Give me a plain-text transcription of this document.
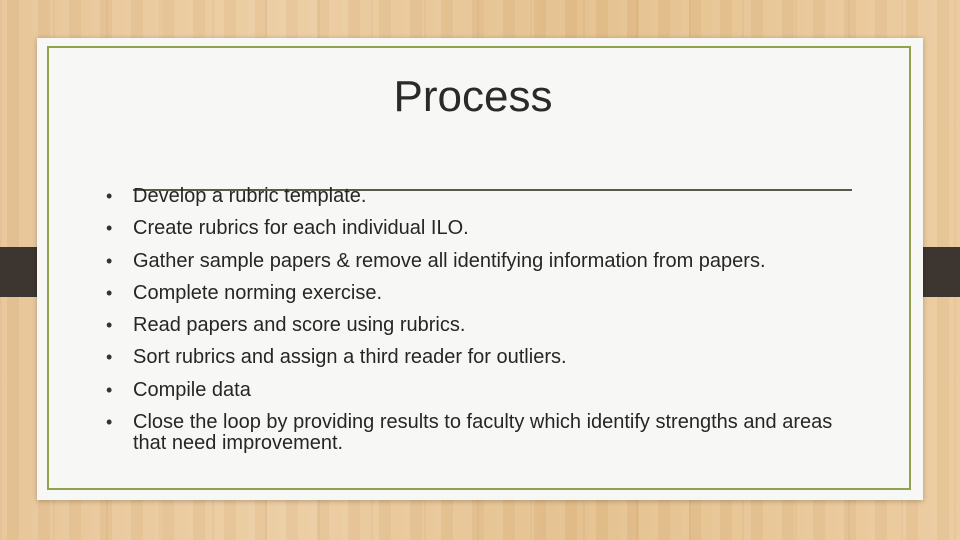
Process
•	Develop a rubric template.
•	Create rubrics for each individual ILO.
•	Gather sample papers & remove all identifying information from papers.
•	Complete norming exercise.
•	Read papers and score using rubrics.
•	Sort rubrics and assign a third reader for outliers.
•	Compile data
•	Close the loop by providing results to faculty which identify strengths and areas that need improvement.
